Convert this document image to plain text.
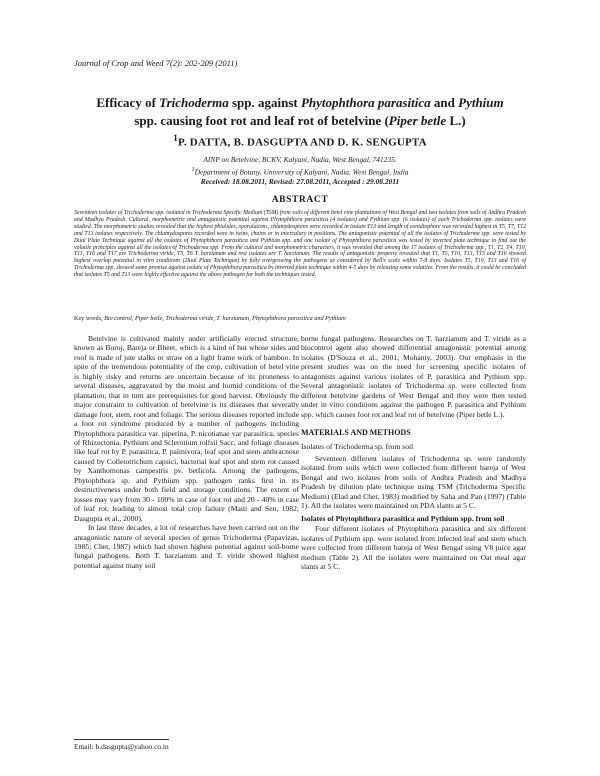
Journal of Crop and Weed 7(2): 202-209 (2011)
Efficacy of Trichoderma spp. against Phytophthora parasitica and Pythium
spp. causing foot rot and leaf rot of betelvine (Piper betle L.)
$^1$P. DATTA, B. DASGUPTA AND D. K. SENGUPTA
AINP on Betelvine, BCKV, Kalyani, Nadia, West Bengal, 741235.
$^1$Department of Botany, University of Kalyani, Nadia, West Bengal, India
Received: 18.08.2011, Revised: 27.08.2011, Accepted : 29.08.2011
ABSTRACT
Seventeen isolates of Trichoderma spp. isolated in Trichoderma Specific Medium (TSM) from soils of different betel vine plantations of West Bengal and two isolates from soils of Andhra Pradesh and Madhya Pradesh. Cultural, morphometric and antagonistic potential against Phytophthora parasitica (4 isolates) and Pythium spp. (6 isolates) of each Trichoderma spp. isolates were studied. The morphometric studies revealed that the highest phialides, sporulations, chlamydospores were recorded in isolate T13 and length of conidiophore was recorded highest in T5, T7, T12 and T13 isolates respectively. The chlamydospores recorded were in twins, chains or in intercalary in positions. The antagonistic potential of all the isolates of Trichoderma spp. were tested by Dual Plate Technique against all the isolates of Phytophthora parasitica and Pythium spp. and one isolate of Phytophthora parasitica was tested by inverted plate technique to find out the volatile principles against all the isolates of Trichoderma spp. From the cultural and morphometric characters, it was revealed that among the 17 isolates of Trichoderma spp., T1, T2, T4, T10, T11, T16 and T17 are Trichoderma viride, T5, T6 T. harzianum and rest isolates are T. harzianum. The results of antagonistic property revealed that T1, T5, T10, T13, T15 and T16 showed highest overlap potential in vitro conditions (Dual Plate Technique) by fully overgrowing the pathogens as considered by Bell's scale within 7-8 days. Isolates T5, T10, T13 and T16 of Trichoderma spp. showed some promise against isolate of Phytophthora parasitica by inverted plate technique within 4-5 days by releasing some volatiles. From the results, it could be concluded that isolates T5 and T13 were highly effective against the above pathogen for both the techniques tested.
Key words, Bio control, Piper betle, Trichoderma viride, T. harzianum, Phytophthora parasitica and Pythium

Betelvine is cultivated mainly under artificially erected structure, known as Boroj, Bareja or Bheet, which is a kind of hut whose sides and roof is made of jute stalks or straw on a light frame work of bamboo. In spite of the tremendous potentiality of the crop, cultivation of betel vine is highly risky and returns are uncertain because of its proneness to several diseases, aggravated by the moist and humid conditions of the plantation, that in turn are prerequisites for good harvest. Obviously the major constraint to cultivation of betelvine is its diseases that severally damage foot, stem, root and foliage. The serious diseases reported include a foot rot syndrome produced by a number of pathogens including Phytophthora parasitica var. piperina, P. nicotianae var parasitica, species of Rhizoctonia, Pythium and Sclerotium rolfsii Sacc, and foliage diseases like leaf rot by P. parasitica, P. palmivora, leaf spot and stem anthracnose caused by Colletotrichum capsici, bacterial leaf spot and stem rot caused by Xanthomonas campestris pv. betlicola. Among the pathogens, Phytophthora sp. and Pythium spp. pathogen ranks first in its destructiveness under both field and storage conditions. The extent of losses may vary from 30 - 100% in case of foot rot and 20 - 40% in case of leaf rot, leading to almost total crop failure (Maiti and Sen, 1982; Dasgupta et al., 2000).

In last three decades, a lot of researches have been carried out on the antagonistic nature of several species of genus Trichoderma (Papavizas, 1985; Chet, 1987) which had shown highest potential against soil-borne fungal pathogens. Both T. harzianum and T. viride showed highest potential against many soil

borne fungal pathogens. Researches on T. harzianum and T. viride as a biocontrol agent also showed differential antagonistic potential among isolates (D'Souza et al., 2001; Mohanty, 2003). Our emphasis in the present studies was on the need for screening specific isolates of antagonists against various isolates of P. parasitica and Pythium spp. Several antagonistic isolates of Trichoderma sp. were collected from different betelvine gardens of West Bengal and they were then tested under in vitro conditions against the pathogen P. parasitica and Pythium spp. which causes foot rot and leaf rot of betelvine (Piper betle L.).

MATERIALS AND METHODS

Isolates of Trichoderma sp. from soil

Seventeen different isolates of Trichoderma sp. were randomly isolated from soils which were collected from different bareja of West Bengal and two isolates from soils of Andhra Pradesh and Madhya Pradesh by dilution plate technique using TSM (Trichoderma Specific Medium) (Elad and Chet, 1983) modified by Saha and Pan (1997) (Table 1). All the isolates were maintained on PDA slants at 5 C.

Isolates of Phytophthora parasitica and Pythium spp. from soil

Four different isolates of Phytophthora parasitica and six different isolates of Pythium spp. were isolated from infected leaf and stem which were collected from different bareja of West Bengal using V8 juice agar medium (Table 2). All the isolates were maintained on Oat meal agar slants at 5 C.

Email: b.dasgupta@yahoo.co.in
